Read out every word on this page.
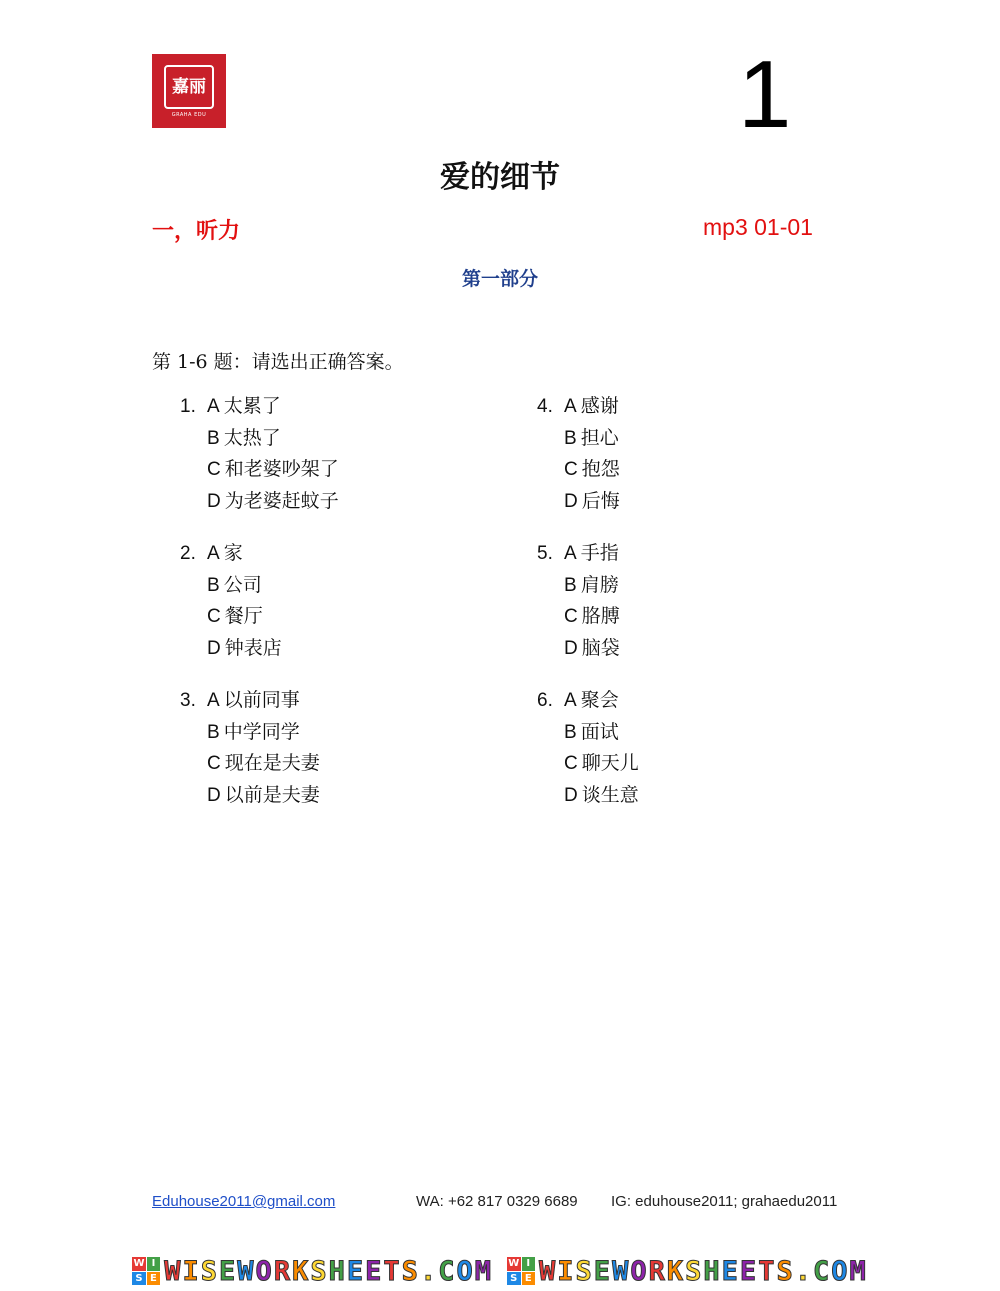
嘉丽
GRAHA EDU	1
爱的细节
一，听力	mp3 01-01
第一部分
第 1-6 题：请选出正确答案。
1. A 太累了
B 太热了
C 和老婆吵架了
D 为老婆赶蚊子
2. A 家
B 公司
C 餐厅
D 钟表店
3. A 以前同事
B 中学同学
C 现在是夫妻
D 以前是夫妻
4. A 感谢
B 担心
C 抱怨
D 后悔
5. A 手指
B 肩膀
C 胳膊
D 脑袋
6. A 聚会
B 面试
C 聊天儿
D 谈生意
Eduhouse2011@gmail.com	WA: +62 817 0329 6689 IG: eduhouse2011; grahaedu2011
W I
S E WISEWORKSHEETS.COM W I
S E WISEWORKSHEETS.COM
